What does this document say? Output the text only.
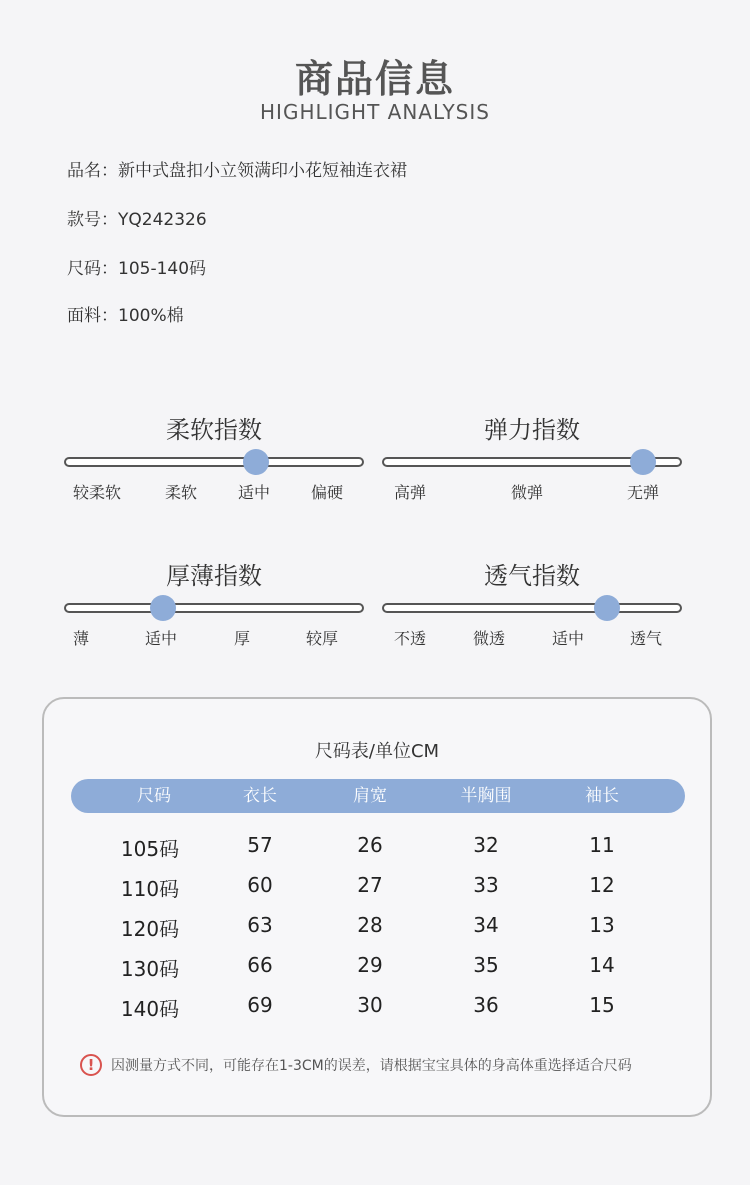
商品信息
HIGHLIGHT ANALYSIS
品名：新中式盘扣小立领满印小花短袖连衣裙
款号：YQ242326
尺码：105-140码
面料：100%棉
柔软指数
较柔软	柔软	适中	偏硬
弹力指数
高弹	微弹	无弹
厚薄指数
薄	适中	厚	较厚
透气指数
不透	微透	适中	透气
尺码表/单位CM
尺码	衣长	肩宽	半胸围	袖长
105码	57	26	32	11
110码	60	27	33	12
120码	63	28	34	13
130码	66	29	35	14
140码	69	30	36	15
!	因测量方式不同，可能存在1-3CM的误差，请根据宝宝具体的身高体重选择适合尺码
